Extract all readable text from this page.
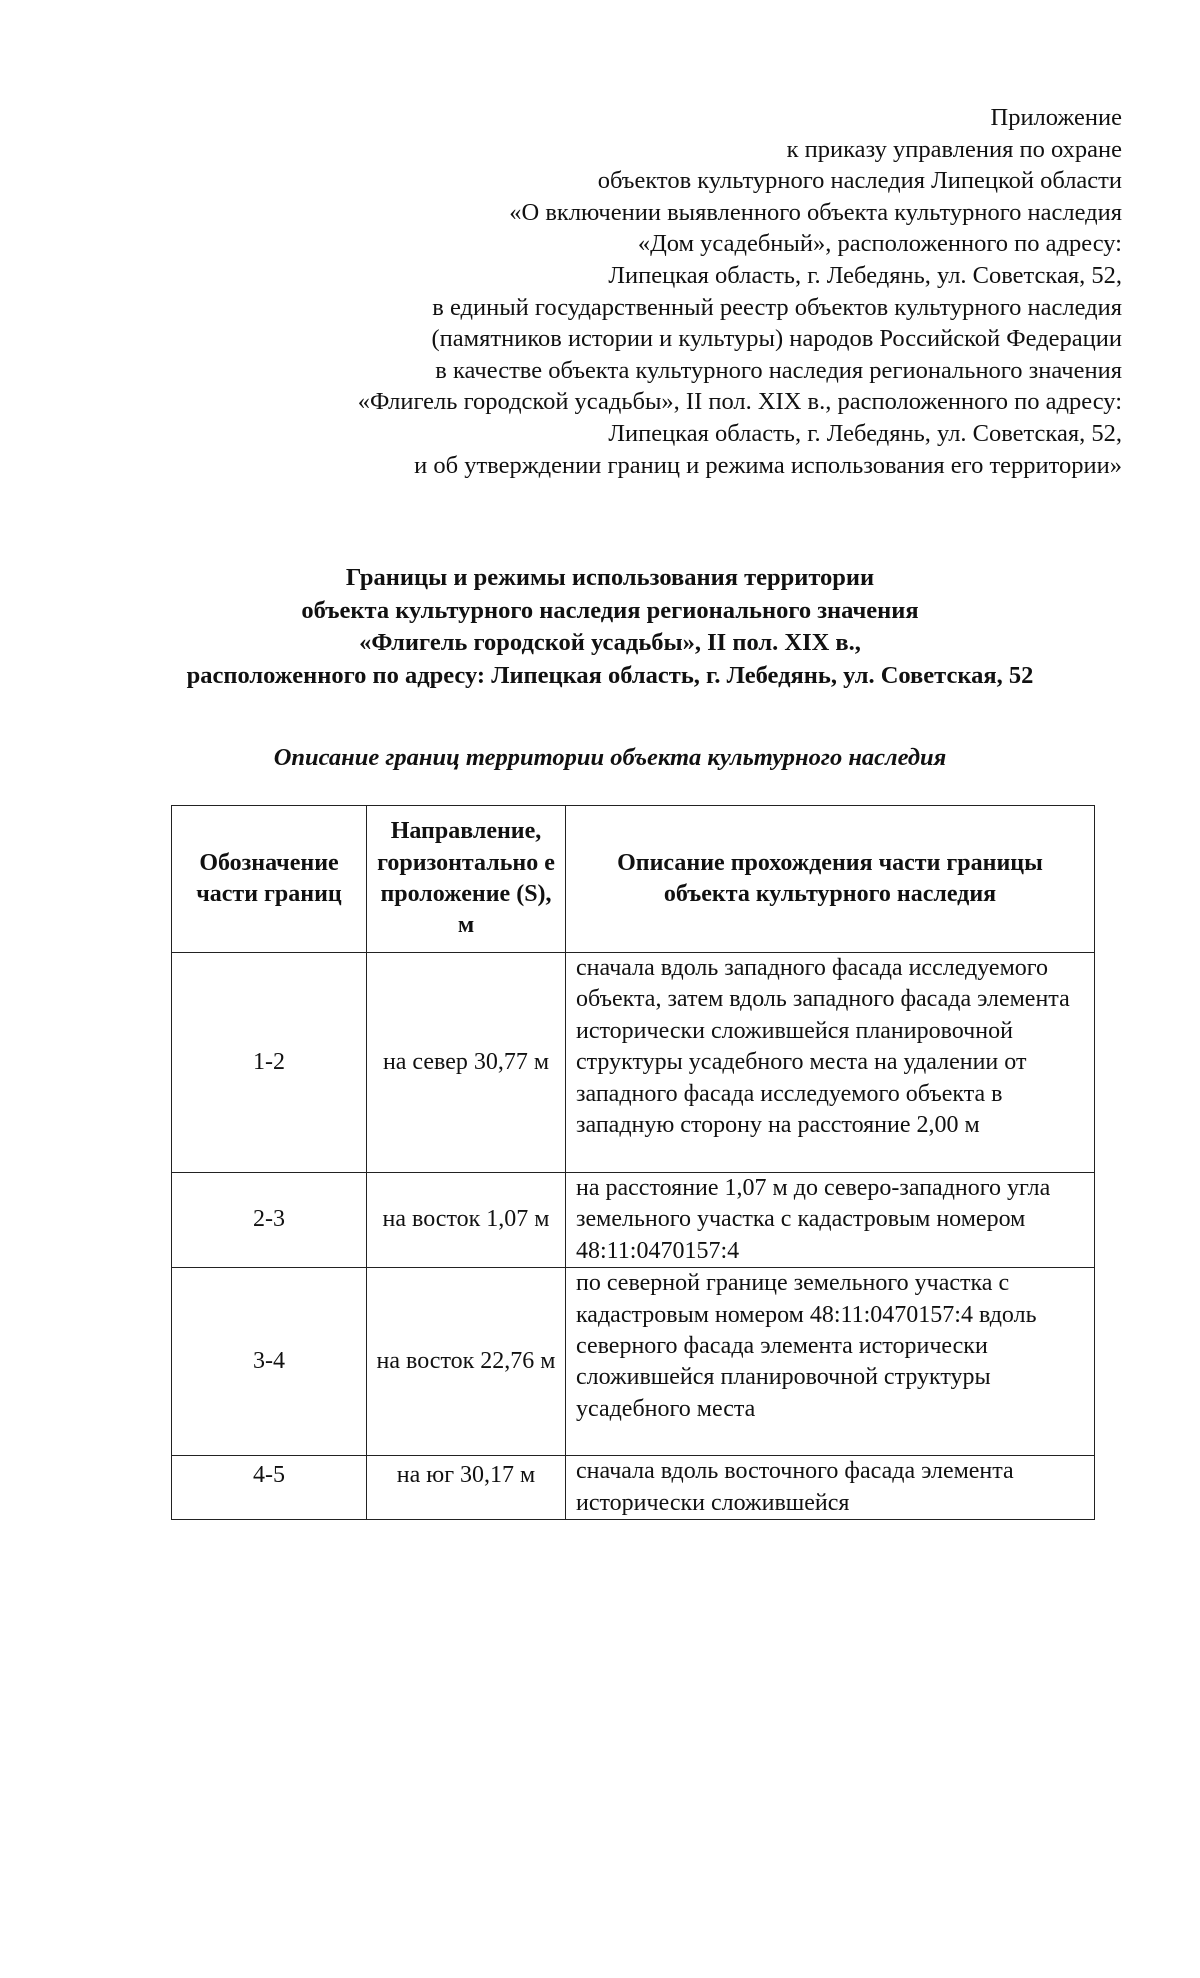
Приложение
к приказу управления по охране
объектов культурного наследия Липецкой области
«О включении выявленного объекта культурного наследия
«Дом усадебный», расположенного по адресу:
Липецкая область, г. Лебедянь, ул. Советская, 52,
в единый государственный реестр объектов культурного наследия
(памятников истории и культуры) народов Российской Федерации
в качестве объекта культурного наследия регионального значения
«Флигель городской усадьбы», II пол. XIX в., расположенного по адресу:
Липецкая область, г. Лебедянь, ул. Советская, 52,
и об утверждении границ и режима использования его территории»
Границы и режимы использования территории
объекта культурного наследия регионального значения
«Флигель городской усадьбы», II пол. XIX в.,
расположенного по адресу: Липецкая область, г. Лебедянь, ул. Советская, 52
Описание границ территории объекта культурного наследия
Обозначение части границ	Направление, горизонтально е проложение (S), м	Описание прохождения части границы объекта культурного наследия
1-2	на север 30,77 м	сначала вдоль западного фасада исследуемого объекта, затем вдоль западного фасада элемента исторически сложившейся планировочной структуры усадебного места на удалении от западного фасада исследуемого объекта в западную сторону на расстояние 2,00 м
2-3	на восток 1,07 м	на расстояние 1,07 м до северо-западного угла земельного участка с кадастровым номером 48:11:0470157:4
3-4	на восток 22,76 м	по северной границе земельного участка с кадастровым номером 48:11:0470157:4 вдоль северного фасада элемента исторически сложившейся планировочной структуры усадебного места
4-5	на юг 30,17 м	сначала вдоль восточного фасада элемента исторически сложившейся
